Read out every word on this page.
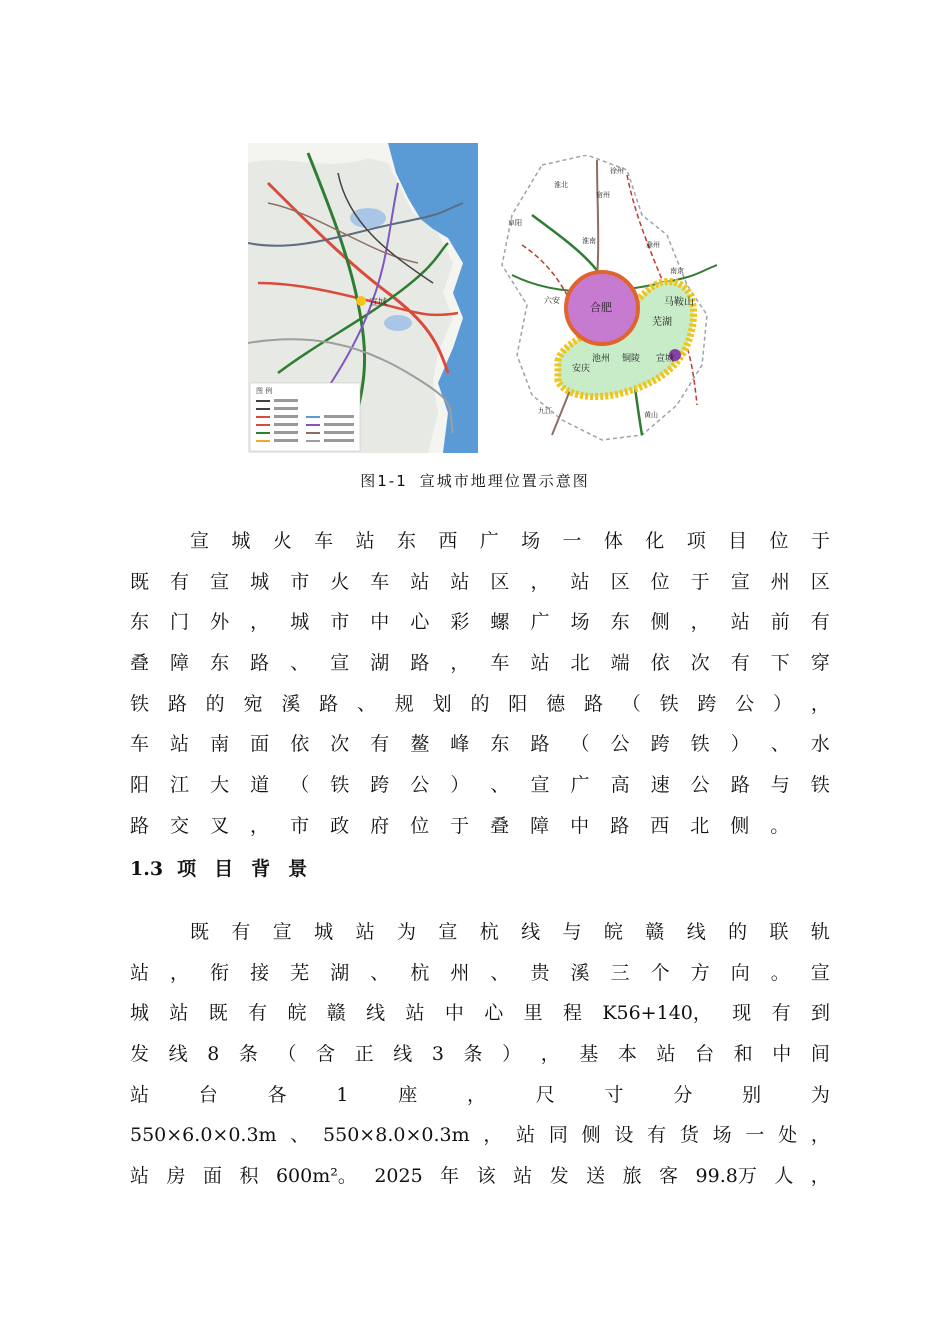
宣城
图 例
徐州
淮北
宿州
阜阳
淮南	滁州
南京
六安
合肥	马鞍山
芜湖
宣城
铜陵
池州
安庆
九江	黄山
图1-1 宣城市地理位置示意图
宣 城 火 车 站 东 西 广 场 一 体 化 项 目 位 于
既 有 宣 城 市 火 车 站 站 区 ， 站 区 位 于 宣 州 区
东 门 外 ， 城 市 中 心 彩 螺 广 场 东 侧 ， 站 前 有
叠 障 东 路 、 宣 湖 路 ， 车 站 北 端 依 次 有 下 穿
铁 路 的 宛 溪 路 、 规 划 的 阳 德 路 （ 铁 跨 公 ） ，
车 站 南 面 依 次 有 鳌 峰 东 路 （ 公 跨 铁 ） 、 水
阳 江 大 道 （ 铁 跨 公 ） 、 宣 广 高 速 公 路 与 铁
路 交 叉 ， 市 政 府 位 于 叠 障 中 路 西 北 侧 。
1.3 项目背景
既 有 宣 城 站 为 宣 杭 线 与 皖 赣 线 的 联 轨
站 ， 衔 接 芜 湖 、 杭 州 、 贵 溪 三 个 方 向 。 宣
城 站 既 有 皖 赣 线 站 中 心 里 程 K56+140， 现 有 到
发 线 8 条 （ 含 正 线 3 条 ） ， 基 本 站 台 和 中 间
站	台	各	1	座	，	尺	寸	分	别	为
550×6.0×0.3m 、 550×8.0×0.3m ， 站 同 侧 设 有 货 场 一 处 ，
站 房 面 积 600m²。 2025 年 该 站 发 送 旅 客 99.8万 人 ，
